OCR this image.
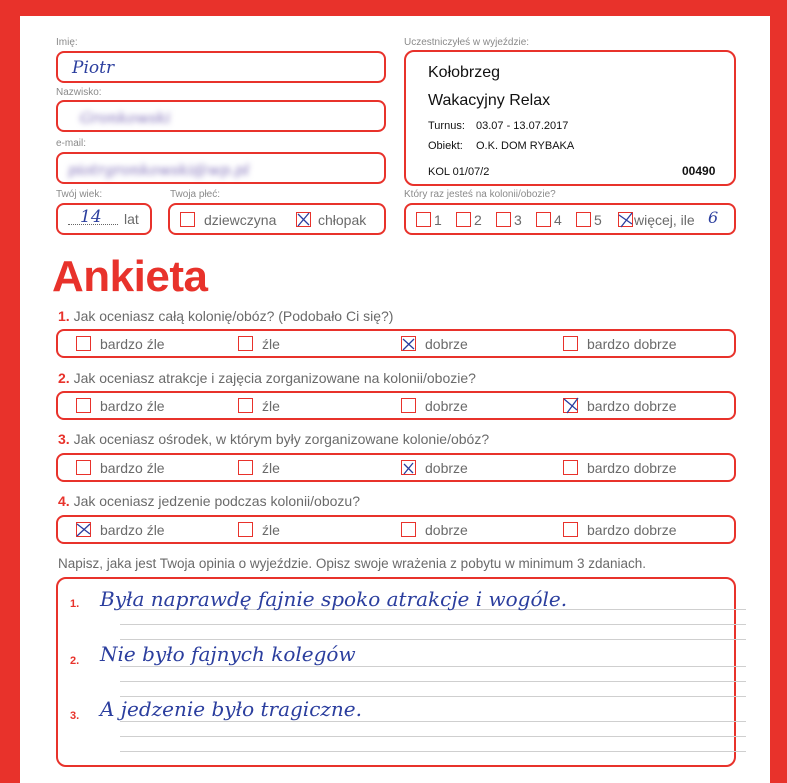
Imię:
Piotr
Nazwisko:
Gronkowski
e-mail:
piotrgronkowski@wp.pl
Twój wiek:
14 lat
Twoja płeć:
dziewczyna	chłopak
Uczestniczyłeś w wyjeździe:
Kołobrzeg
Wakacyjny Relax
Turnus: 03.07 - 13.07.2017
Obiekt: O.K. DOM RYBAKA
KOL 01/07/2	00490
Który raz jesteś na kolonii/obozie?
1 2 3 4 5 więcej, ile 6
Ankieta
1. Jak oceniasz całą kolonię/obóz? (Podobało Ci się?)
bardzo źle	źle	dobrze	bardzo dobrze
2. Jak oceniasz atrakcje i zajęcia zorganizowane na kolonii/obozie?
bardzo źle	źle	dobrze	bardzo dobrze
3. Jak oceniasz ośrodek, w którym były zorganizowane kolonie/obóz?
bardzo źle	źle	dobrze	bardzo dobrze
4. Jak oceniasz jedzenie podczas kolonii/obozu?
bardzo źle	źle	dobrze	bardzo dobrze
Napisz, jaka jest Twoja opinia o wyjeździe. Opisz swoje wrażenia z pobytu w minimum 3 zdaniach.
1. Była naprawdę fajnie spoko atrakcje i wogóle.
2. Nie było fajnych kolegów
3. A jedzenie było tragiczne.
